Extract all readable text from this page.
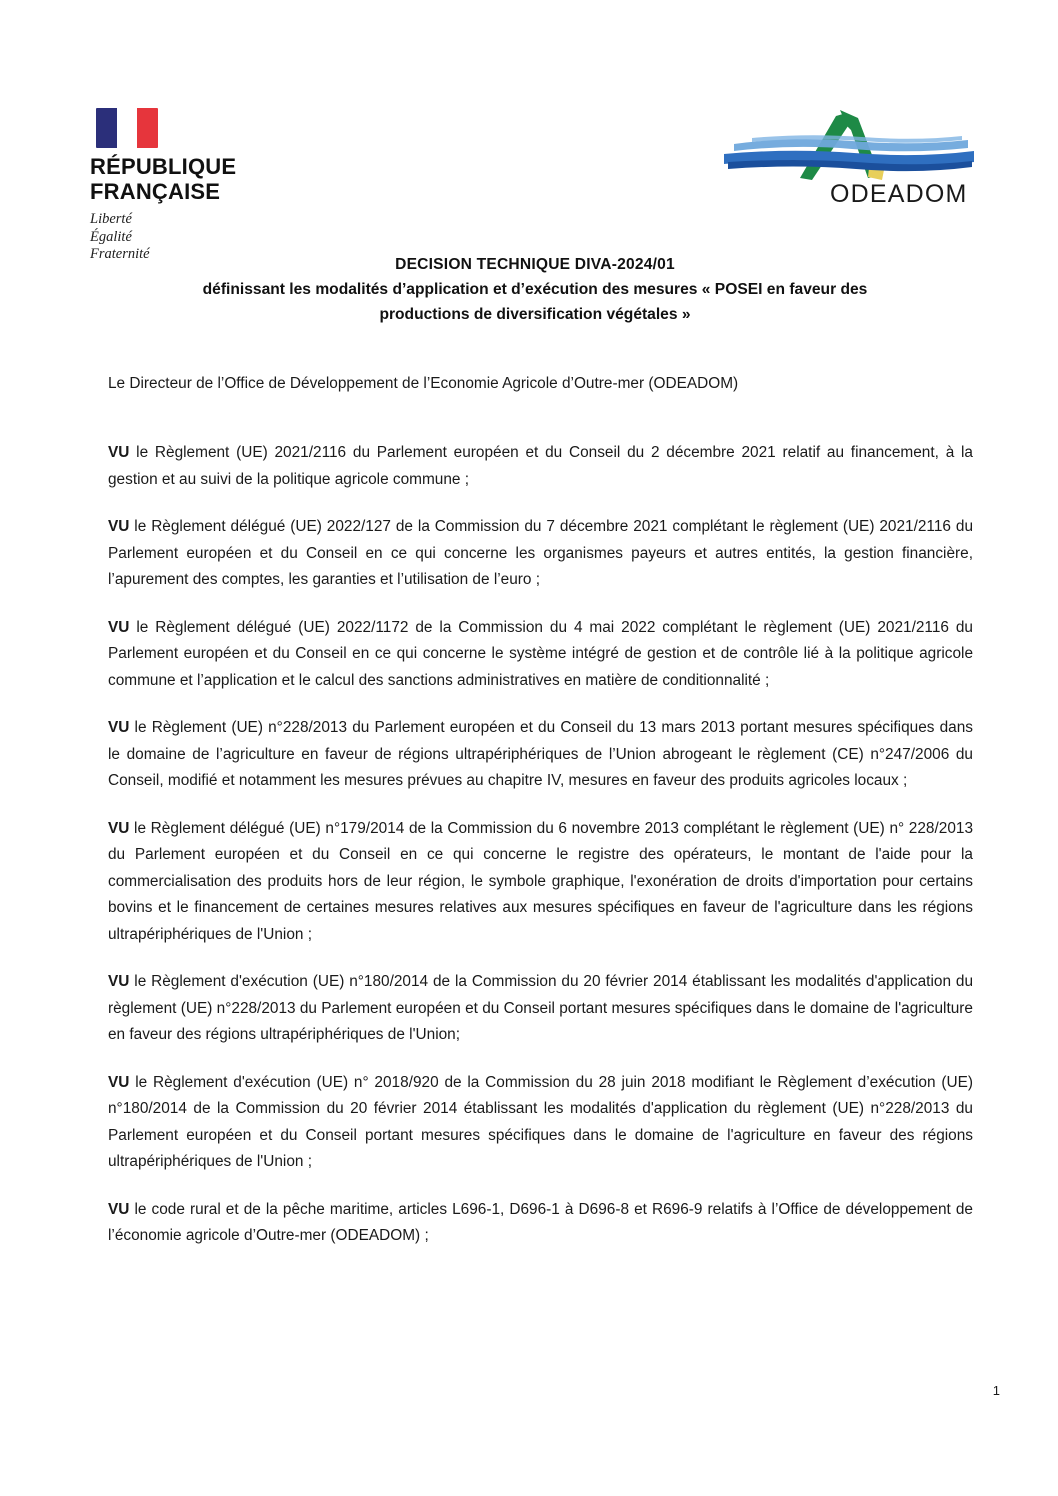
RÉPUBLIQUE
FRANÇAISE
Liberté
Égalité
Fraternité
ODEADOM
DECISION TECHNIQUE DIVA-2024/01
définissant les modalités d’application et d’exécution des mesures « POSEI en faveur des
productions de diversification végétales »

Le Directeur de l’Office de Développement de l’Economie Agricole d’Outre-mer (ODEADOM)

VU le Règlement (UE) 2021/2116 du Parlement européen et du Conseil du 2 décembre 2021 relatif au financement, à la gestion et au suivi de la politique agricole commune ;

VU le Règlement délégué (UE) 2022/127 de la Commission du 7 décembre 2021 complétant le règlement (UE) 2021/2116 du Parlement européen et du Conseil en ce qui concerne les organismes payeurs et autres entités, la gestion financière, l’apurement des comptes, les garanties et l’utilisation de l’euro ;

VU le Règlement délégué (UE) 2022/1172 de la Commission du 4 mai 2022 complétant le règlement (UE) 2021/2116 du Parlement européen et du Conseil en ce qui concerne le système intégré de gestion et de contrôle lié à la politique agricole commune et l’application et le calcul des sanctions administratives en matière de conditionnalité ;

VU le Règlement (UE) n°228/2013 du Parlement européen et du Conseil du 13 mars 2013 portant mesures spécifiques dans le domaine de l’agriculture en faveur de régions ultrapériphériques de l’Union abrogeant le règlement (CE) n°247/2006 du Conseil, modifié et notamment les mesures prévues au chapitre IV, mesures en faveur des produits agricoles locaux ;

VU le Règlement délégué (UE) n°179/2014 de la Commission du 6 novembre 2013 complétant le règlement (UE) n° 228/2013 du Parlement européen et du Conseil en ce qui concerne le registre des opérateurs, le montant de l'aide pour la commercialisation des produits hors de leur région, le symbole graphique, l'exonération de droits d'importation pour certains bovins et le financement de certaines mesures relatives aux mesures spécifiques en faveur de l'agriculture dans les régions ultrapériphériques de l'Union ;

VU le Règlement d'exécution (UE) n°180/2014 de la Commission du 20 février 2014 établissant les modalités d'application du règlement (UE) n°228/2013 du Parlement européen et du Conseil portant mesures spécifiques dans le domaine de l'agriculture en faveur des régions ultrapériphériques de l'Union;

VU le Règlement d'exécution (UE) n° 2018/920 de la Commission du 28 juin 2018 modifiant le Règlement d’exécution (UE) n°180/2014 de la Commission du 20 février 2014 établissant les modalités d'application du règlement (UE) n°228/2013 du Parlement européen et du Conseil portant mesures spécifiques dans le domaine de l'agriculture en faveur des régions ultrapériphériques de l'Union ;

VU le code rural et de la pêche maritime, articles L696-1, D696-1 à D696-8 et R696-9 relatifs à l’Office de développement de l’économie agricole d’Outre-mer (ODEADOM) ;

1
